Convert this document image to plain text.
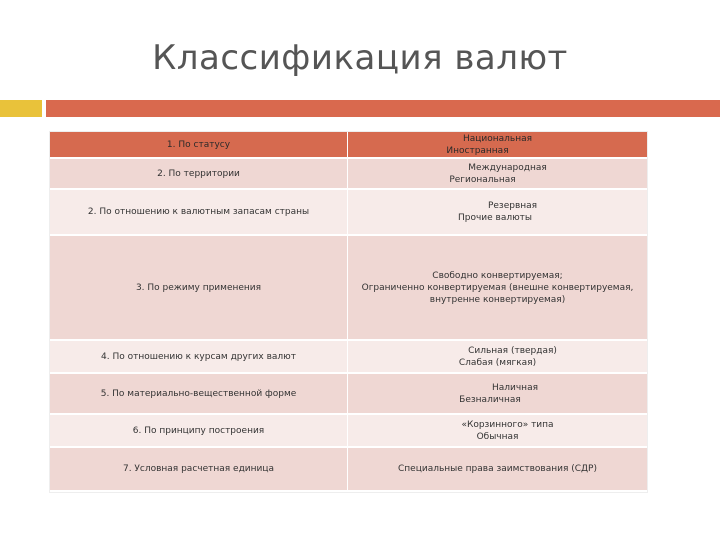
Классификация валют
1. По статусу
Национальная
Иностранная
2. По территории
Международная
Региональная
2. По отношению к валютным запасам страны
Резервная
Прочие валюты
3. По режиму применения
Свободно конвертируемая;
Ограниченно конвертируемая (внешне конвертируемая,
внутренне конвертируемая)
4. По отношению к курсам других валют
Сильная (твердая)
Слабая (мягкая)
5. По материально-вещественной форме
Наличная
Безналичная
6. По принципу построения
«Корзинного» типа
Обычная
7. Условная расчетная единица	Специальные права заимствования (СДР)
